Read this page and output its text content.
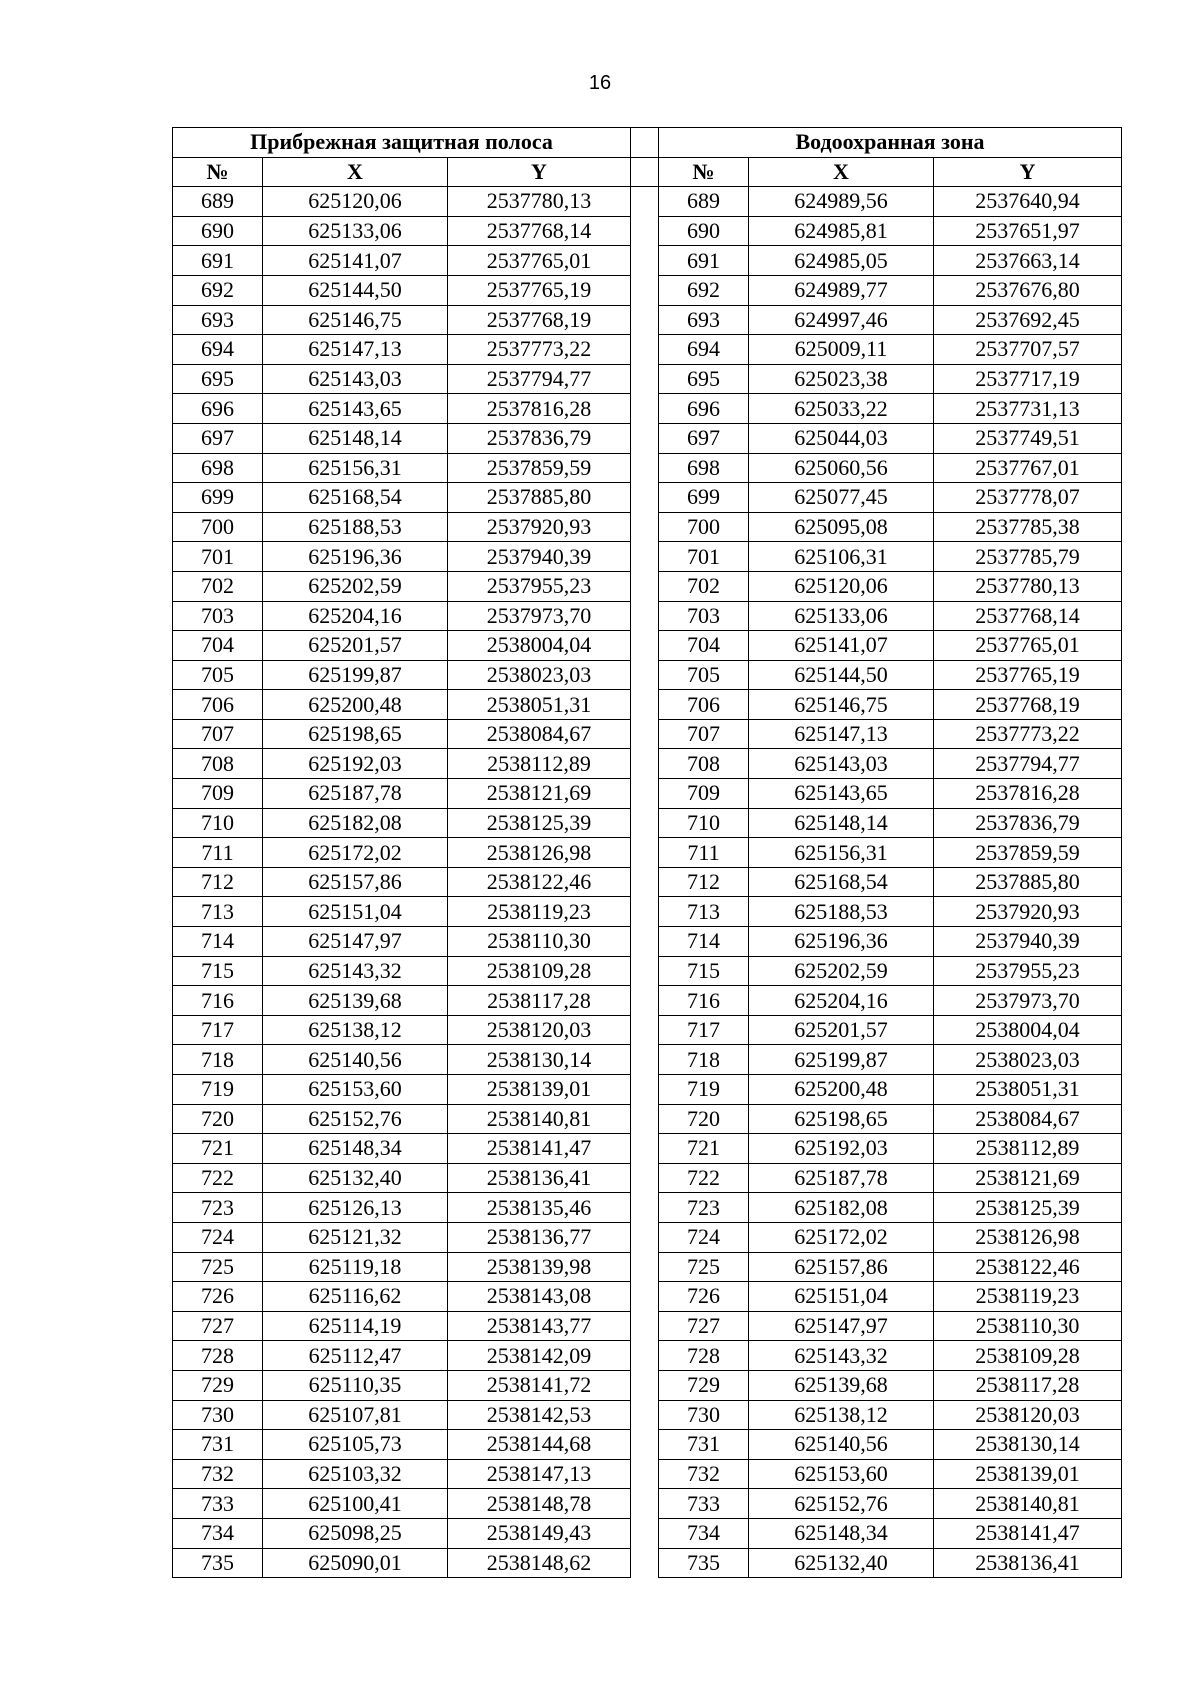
16
Прибрежная защитная полоса				Водоохранная зона		
№	X	Y		№	X	Y
689	625120,06	2537780,13		689	624989,56	2537640,94
690	625133,06	2537768,14		690	624985,81	2537651,97
691	625141,07	2537765,01		691	624985,05	2537663,14
692	625144,50	2537765,19		692	624989,77	2537676,80
693	625146,75	2537768,19		693	624997,46	2537692,45
694	625147,13	2537773,22		694	625009,11	2537707,57
695	625143,03	2537794,77		695	625023,38	2537717,19
696	625143,65	2537816,28		696	625033,22	2537731,13
697	625148,14	2537836,79		697	625044,03	2537749,51
698	625156,31	2537859,59		698	625060,56	2537767,01
699	625168,54	2537885,80		699	625077,45	2537778,07
700	625188,53	2537920,93		700	625095,08	2537785,38
701	625196,36	2537940,39		701	625106,31	2537785,79
702	625202,59	2537955,23		702	625120,06	2537780,13
703	625204,16	2537973,70		703	625133,06	2537768,14
704	625201,57	2538004,04		704	625141,07	2537765,01
705	625199,87	2538023,03		705	625144,50	2537765,19
706	625200,48	2538051,31		706	625146,75	2537768,19
707	625198,65	2538084,67		707	625147,13	2537773,22
708	625192,03	2538112,89		708	625143,03	2537794,77
709	625187,78	2538121,69		709	625143,65	2537816,28
710	625182,08	2538125,39		710	625148,14	2537836,79
711	625172,02	2538126,98		711	625156,31	2537859,59
712	625157,86	2538122,46		712	625168,54	2537885,80
713	625151,04	2538119,23		713	625188,53	2537920,93
714	625147,97	2538110,30		714	625196,36	2537940,39
715	625143,32	2538109,28		715	625202,59	2537955,23
716	625139,68	2538117,28		716	625204,16	2537973,70
717	625138,12	2538120,03		717	625201,57	2538004,04
718	625140,56	2538130,14		718	625199,87	2538023,03
719	625153,60	2538139,01		719	625200,48	2538051,31
720	625152,76	2538140,81		720	625198,65	2538084,67
721	625148,34	2538141,47		721	625192,03	2538112,89
722	625132,40	2538136,41		722	625187,78	2538121,69
723	625126,13	2538135,46		723	625182,08	2538125,39
724	625121,32	2538136,77		724	625172,02	2538126,98
725	625119,18	2538139,98		725	625157,86	2538122,46
726	625116,62	2538143,08		726	625151,04	2538119,23
727	625114,19	2538143,77		727	625147,97	2538110,30
728	625112,47	2538142,09		728	625143,32	2538109,28
729	625110,35	2538141,72		729	625139,68	2538117,28
730	625107,81	2538142,53		730	625138,12	2538120,03
731	625105,73	2538144,68		731	625140,56	2538130,14
732	625103,32	2538147,13		732	625153,60	2538139,01
733	625100,41	2538148,78		733	625152,76	2538140,81
734	625098,25	2538149,43		734	625148,34	2538141,47
735	625090,01	2538148,62		735	625132,40	2538136,41
